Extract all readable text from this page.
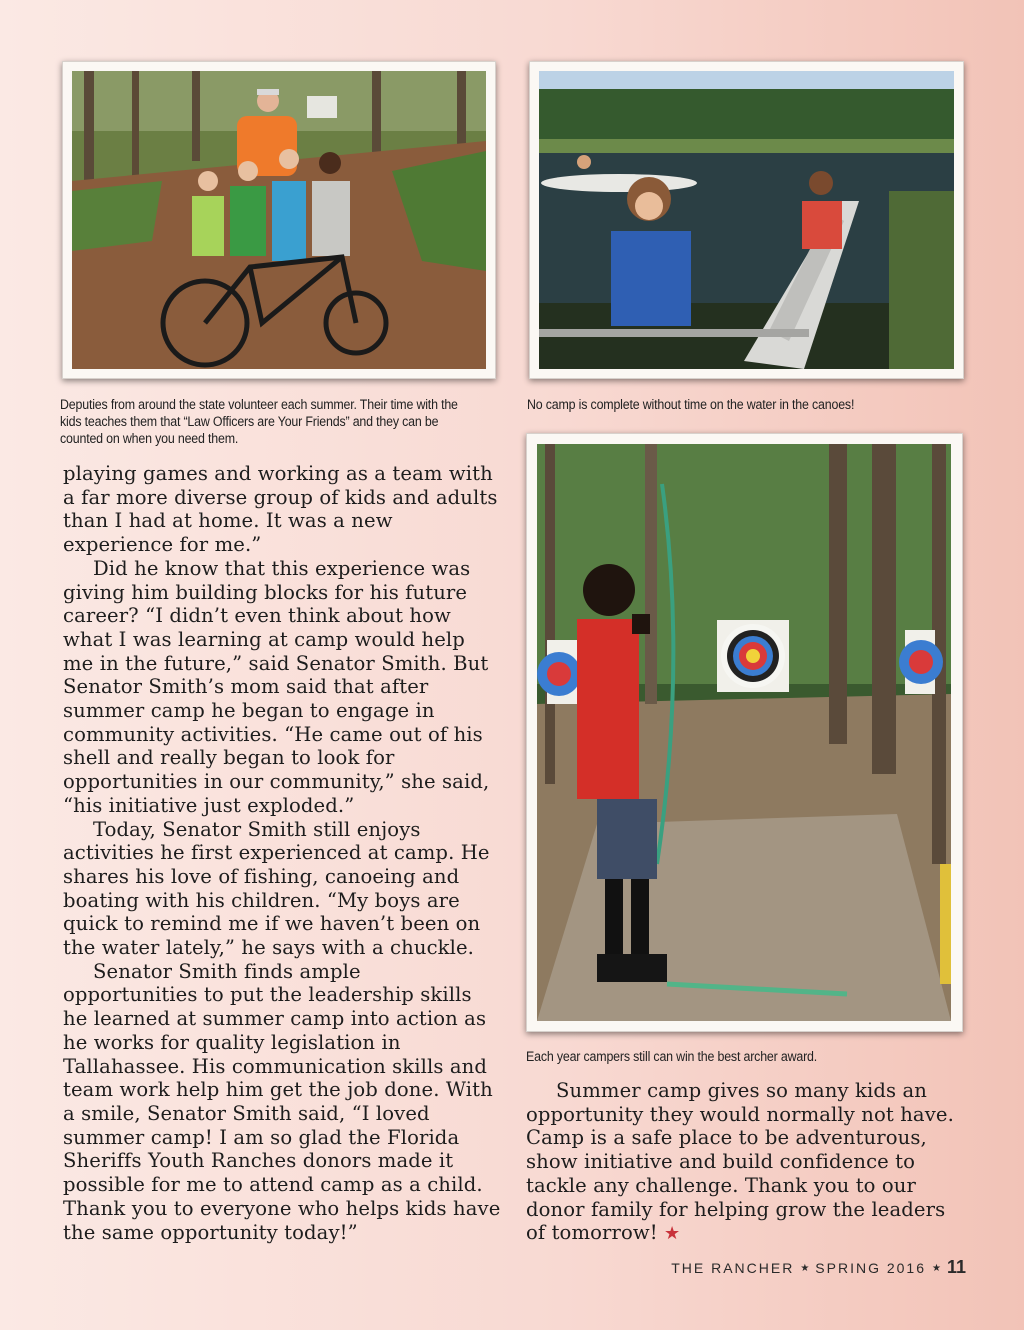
Deputies from around the state volunteer each summer. Their time with the kids teaches them that “Law Officers are Your Friends” and they can be counted on when you need them.
No camp is complete without time on the water in the canoes!
Each year campers still can win the best archer award.

playing games and working as a team with a far more diverse group of kids and adults than I had at home. It was a new experience for me.”

Did he know that this experience was giving him building blocks for his future career? “I didn’t even think about how what I was learning at camp would help me in the future,” said Senator Smith. But Senator Smith’s mom said that after summer camp he began to engage in community activities. “He came out of his shell and really began to look for opportunities in our community,” she said, “his initiative just exploded.”

Today, Senator Smith still enjoys activities he first experienced at camp. He shares his love of fishing, canoeing and boating with his children. “My boys are quick to remind me if we haven’t been on the water lately,” he says with a chuckle.

Senator Smith finds ample opportunities to put the leadership skills he learned at summer camp into action as he works for quality legislation in Tallahassee. His communication skills and team work help him get the job done. With a smile, Senator Smith said, “I loved summer camp! I am so glad the Florida Sheriffs Youth Ranches donors made it possible for me to attend camp as a child. Thank you to everyone who helps kids have the same opportunity today!”

Summer camp gives so many kids an opportunity they would normally not have. Camp is a safe place to be adventurous, show initiative and build confidence to tackle any challenge. Thank you to our donor family for helping grow the leaders of tomorrow! ★

THE RANCHER ★ SPRING 2016 ★ 11
